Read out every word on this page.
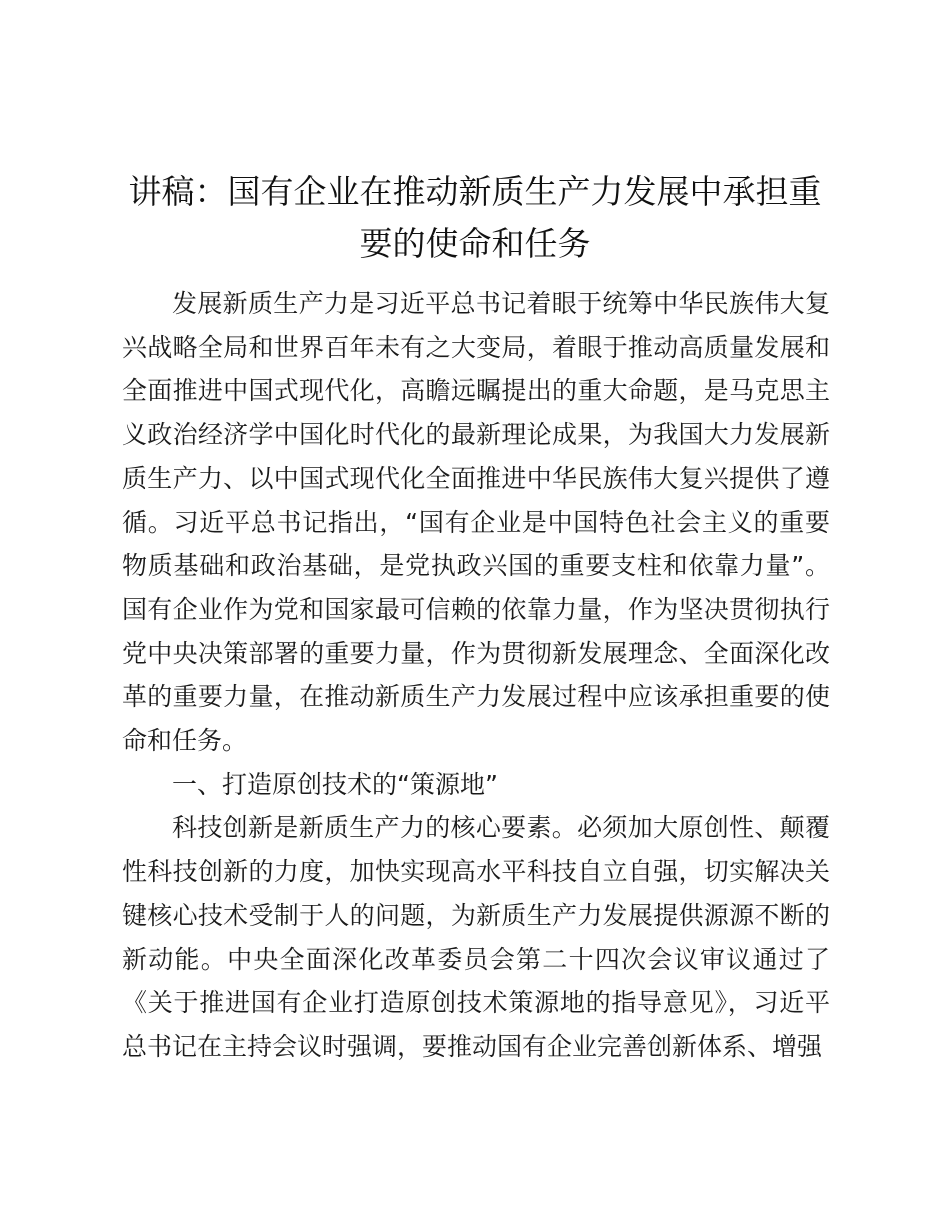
讲稿：国有企业在推动新质生产力发展中承担重要的使命和任务

发展新质生产力是习近平总书记着眼于统筹中华民族伟大复兴战略全局和世界百年未有之大变局，着眼于推动高质量发展和全面推进中国式现代化，高瞻远瞩提出的重大命题，是马克思主义政治经济学中国化时代化的最新理论成果，为我国大力发展新质生产力、以中国式现代化全面推进中华民族伟大复兴提供了遵循。习近平总书记指出，“国有企业是中国特色社会主义的重要物质基础和政治基础，是党执政兴国的重要支柱和依靠力量”。国有企业作为党和国家最可信赖的依靠力量，作为坚决贯彻执行党中央决策部署的重要力量，作为贯彻新发展理念、全面深化改革的重要力量，在推动新质生产力发展过程中应该承担重要的使命和任务。

一、打造原创技术的“策源地”

科技创新是新质生产力的核心要素。必须加大原创性、颠覆性科技创新的力度，加快实现高水平科技自立自强，切实解决关键核心技术受制于人的问题，为新质生产力发展提供源源不断的新动能。中央全面深化改革委员会第二十四次会议审议通过了《关于推进国有企业打造原创技术策源地的指导意见》，习近平总书记在主持会议时强调，要推动国有企业完善创新体系、增强
